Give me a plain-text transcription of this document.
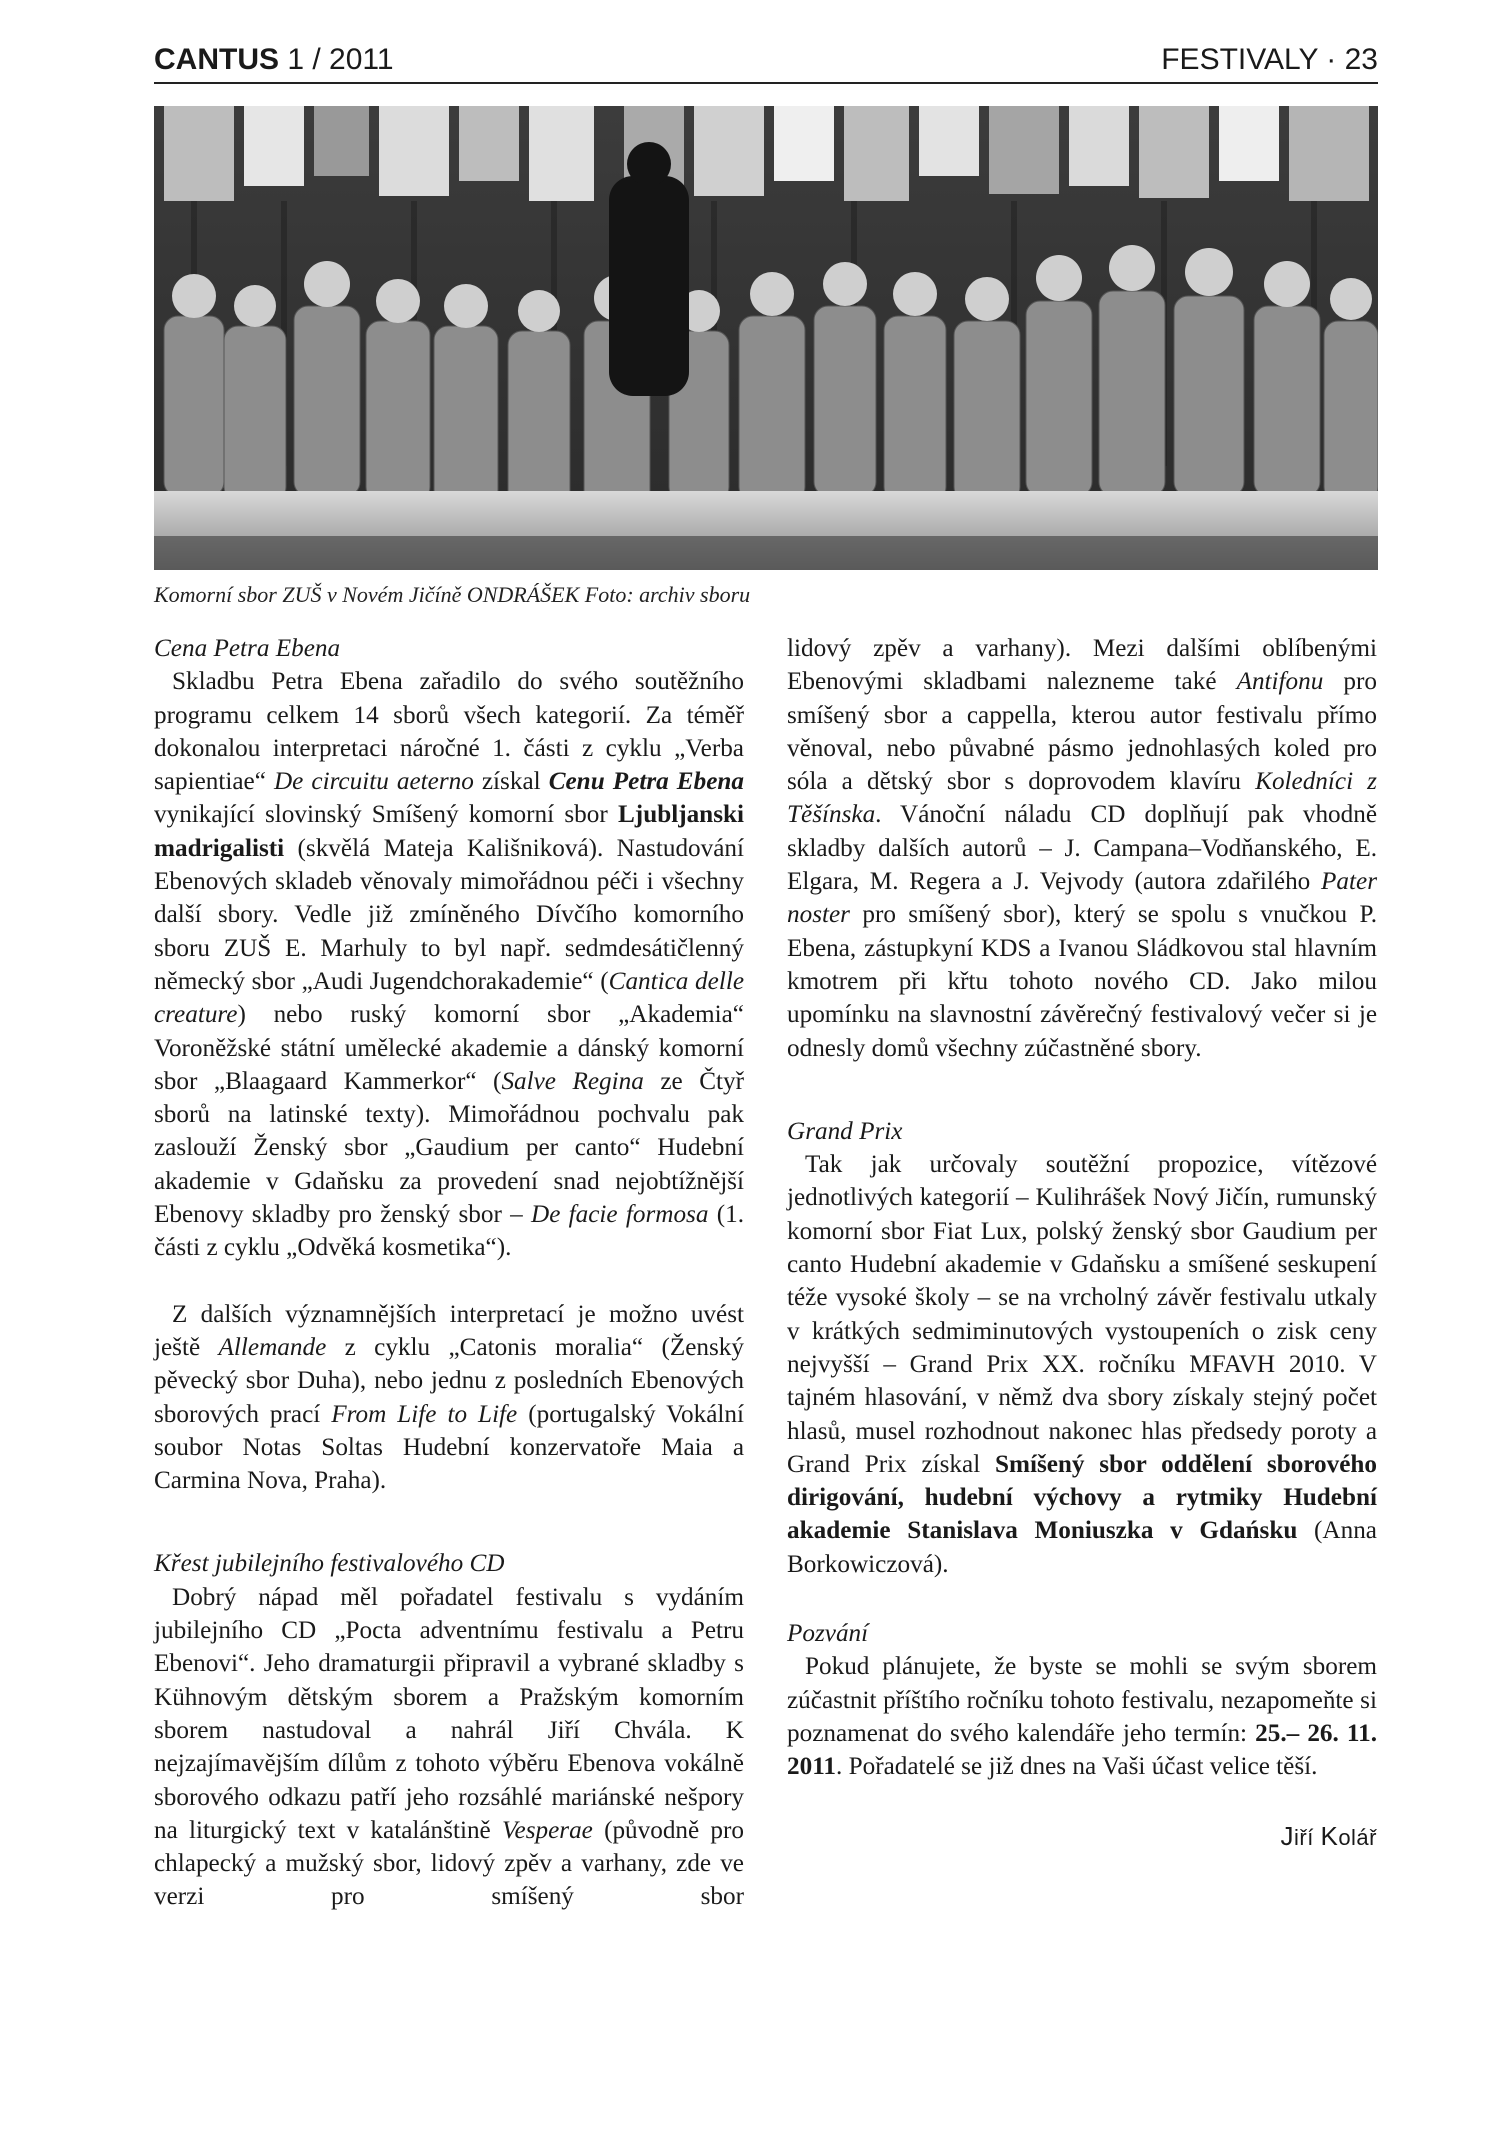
CANTUS 1 / 2011	FESTIVALY · 23
Komorní sbor ZUŠ v Novém Jičíně ONDRÁŠEK Foto: archiv sboru

Cena Petra Ebena

Skladbu Petra Ebena zařadilo do svého soutěžního programu celkem 14 sborů všech kategorií. Za téměř dokonalou interpretaci náročné 1. části z cyklu „Verba sapientiae“ De circuitu aeterno získal Cenu Petra Ebena vynikající slovinský Smíšený komorní sbor Ljubljanski madrigalisti (skvělá Mateja Kališniková). Nastudování Ebenových skladeb věnovaly mimořádnou péči i všechny další sbory. Vedle již zmíněného Dívčího komorního sboru ZUŠ E. Marhuly to byl např. sedmdesátičlenný německý sbor „Audi Jugendchorakademie“ (Cantica delle creature) nebo ruský komorní sbor „Akademia“ Voroněžské státní umělecké akademie a dánský komorní sbor „Blaagaard Kammerkor“ (Salve Regina ze Čtyř sborů na latinské texty). Mimořádnou pochvalu pak zaslouží Ženský sbor „Gaudium per canto“ Hudební akademie v Gdaňsku za provedení snad nejobtížnější Ebenovy skladby pro ženský sbor – De facie formosa (1. části z cyklu „Odvěká kosmetika“).

Z dalších významnějších interpretací je možno uvést ještě Allemande z cyklu „Catonis moralia“ (Ženský pěvecký sbor Duha), nebo jednu z posledních Ebenových sborových prací From Life to Life (portugalský Vokální soubor Notas Soltas Hudební konzervatoře Maia a Carmina Nova, Praha).

Křest jubilejního festivalového CD

Dobrý nápad měl pořadatel festivalu s vydáním jubilejního CD „Pocta adventnímu festivalu a Petru Ebenovi“. Jeho dramaturgii připravil a vybrané skladby s Kühnovým dětským sborem a Pražským komorním sborem nastudoval a nahrál Jiří Chvála. K nejzajímavějším dílům z tohoto výběru Ebenova vokálně sborového odkazu patří jeho rozsáhlé mariánské nešpory na liturgický text v katalánštině Vesperae (původně pro chlapecký a mužský sbor, lidový zpěv a varhany, zde ve verzi pro smíšený sbor

lidový zpěv a varhany). Mezi dalšími oblíbenými Ebenovými skladbami nalezneme také Antifonu pro smíšený sbor a cappella, kterou autor festivalu přímo věnoval, nebo půvabné pásmo jednohlasých koled pro sóla a dětský sbor s doprovodem klavíru Koledníci z Těšínska. Vánoční náladu CD doplňují pak vhodně skladby dalších autorů – J. Campana–Vodňanského, E. Elgara, M. Regera a J. Vejvody (autora zdařilého Pater noster pro smíšený sbor), který se spolu s vnučkou P. Ebena, zástupkyní KDS a Ivanou Sládkovou stal hlavním kmotrem při křtu tohoto nového CD. Jako milou upomínku na slavnostní závěrečný festivalový večer si je odnesly domů všechny zúčastněné sbory.

Grand Prix

Tak jak určovaly soutěžní propozice, vítězové jednotlivých kategorií – Kulihrášek Nový Jičín, rumunský komorní sbor Fiat Lux, polský ženský sbor Gaudium per canto Hudební akademie v Gdaňsku a smíšené seskupení téže vysoké školy – se na vrcholný závěr festivalu utkaly v krátkých sedmiminutových vystoupeních o zisk ceny nejvyšší – Grand Prix XX. ročníku MFAVH 2010. V tajném hlasování, v němž dva sbory získaly stejný počet hlasů, musel rozhodnout nakonec hlas předsedy poroty a Grand Prix získal Smíšený sbor oddělení sborového dirigování, hudební výchovy a rytmiky Hudební akademie Stanislava Moniuszka v Gdańsku (Anna Borkowiczová).

Pozvání

Pokud plánujete, že byste se mohli se svým sborem zúčastnit příštího ročníku tohoto festivalu, nezapomeňte si poznamenat do svého kalendáře jeho termín: 25.– 26. 11. 2011. Pořadatelé se již dnes na Vaši účast velice těší.

Jiří Kolář
